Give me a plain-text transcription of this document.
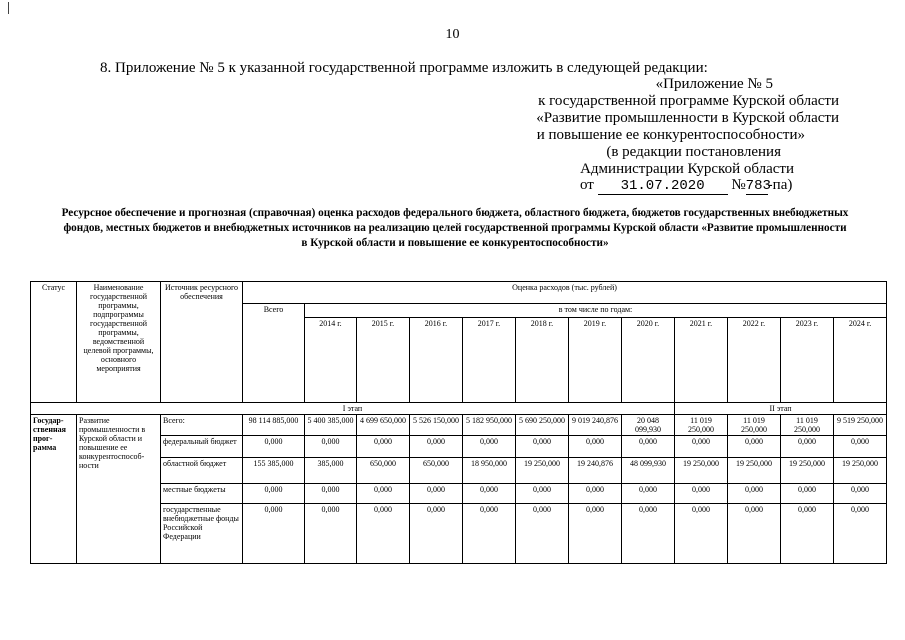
10
8. Приложение № 5 к указанной государственной программе изложить в следующей редакции:
«Приложение № 5
к государственной программе Курской области
«Развитие промышленности в Курской области
и повышение ее конкурентоспособности»
(в редакции постановления
Администрации Курской области
от 31.07.2020 №783-па)
Ресурсное обеспечение и прогнозная (справочная) оценка расходов федерального бюджета, областного бюджета, бюджетов государственных внебюджетных фондов, местных бюджетов и внебюджетных источников на реализацию целей государственной программы Курской области «Развитие промышленности в Курской области и повышение ее конкурентоспособности»
Статус	Наименование государственной программы, подпрограммы государственной программы, ведомственной целевой программы, основного мероприятия	Источник ресурсного обеспечения	Оценка расходов (тыс. рублей)											
			Всего	в том числе по годам:										
				2014 г.	2015 г.	2016 г.	2017 г.	2018 г.	2019 г.	2020 г.	2021 г.	2022 г.	2023 г.	2024 г.
I этап											II этап			
Государ-ственная прог-рамма	Развитие промышленности в Курской области и повышение ее конкурентоспособ-ности	Всего:	98 114 885,000	5 400 385,000	4 699 650,000	5 526 150,000	5 182 950,000	5 690 250,000	9 019 240,876	20 048 099,930	11 019 250,000	11 019 250,000	11 019 250,000	9 519 250,000
		федеральный бюджет	0,000	0,000	0,000	0,000	0,000	0,000	0,000	0,000	0,000	0,000	0,000	0,000
		областной бюджет	155 385,000	385,000	650,000	650,000	18 950,000	19 250,000	19 240,876	48 099,930	19 250,000	19 250,000	19 250,000	19 250,000
		местные бюджеты	0,000	0,000	0,000	0,000	0,000	0,000	0,000	0,000	0,000	0,000	0,000	0,000
		государственные внебюджетные фонды Российской Федерации	0,000	0,000	0,000	0,000	0,000	0,000	0,000	0,000	0,000	0,000	0,000	0,000
